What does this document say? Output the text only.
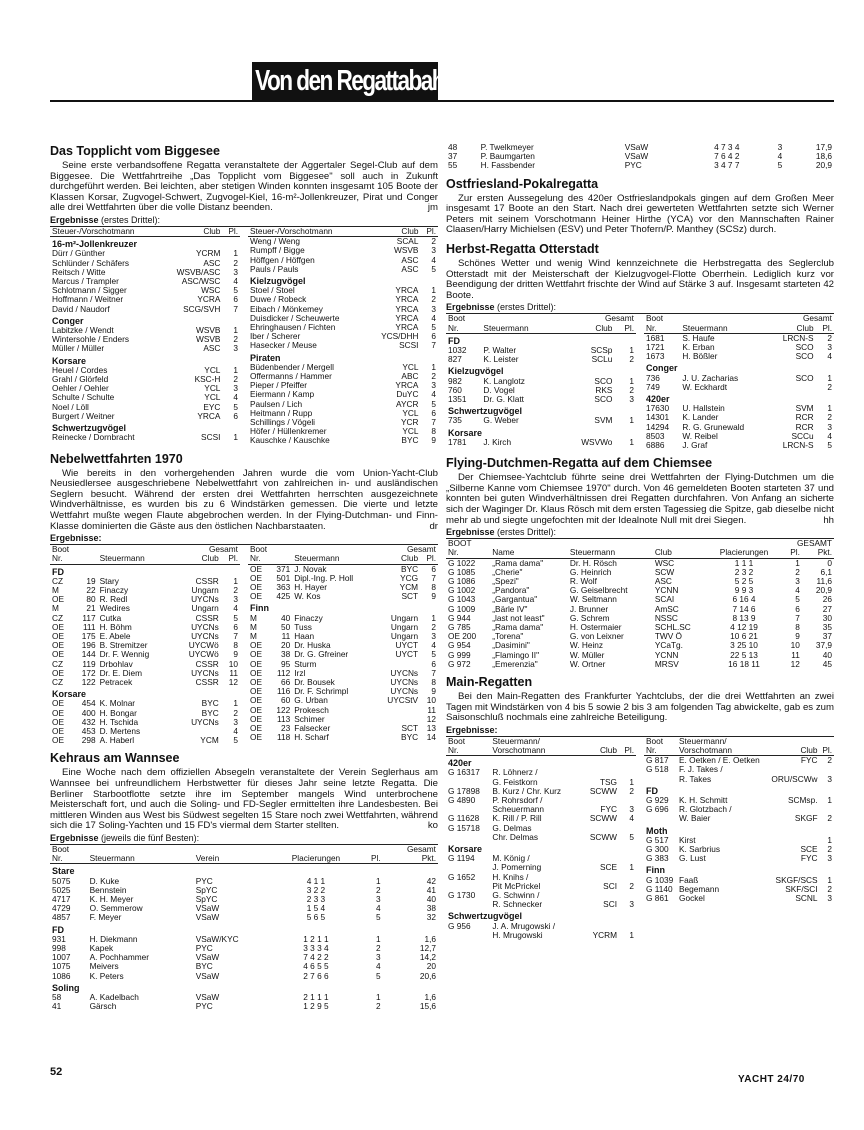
Von den Regattabahnen
Das Topplicht vom Biggesee

Seine erste verbandsoffene Regatta veranstaltete der Aggertaler Segel-Club auf dem Biggesee. Die Wettfahrtreihe „Das Topplicht vom Biggesee" soll auch in Zukunft durchgeführt werden. Bei leichten, aber stetigen Winden konnten insgesamt 105 Boote der Klassen Korsar, Zugvogel-Schwert, Zugvogel-Kiel, 16-m²-Jollenkreuzer, Pirat und Conger alle drei Wettfahrten über die volle Distanz beenden.	jm

Ergebnisse (erstes Drittel):
Steuer-/Vorschotmann	Club	Pl.
16-m²-Jollenkreuzer		
Dürr / Günther	YCRM	1
Schlünder / Schäfers	ASC	2
Reitsch / Witte	WSVB/ASC	3
Marcus / Trampler	ASC/WSC	4
Schlotmann / Sigger	WSC	5
Hoffmann / Weitner	YCRA	6
David / Naudorf	SCG/SVH	7
Conger		
Labitzke / Wendt	WSVB	1
Wintersohle / Enders	WSVB	2
Müller / Müller	ASC	3
Korsare		
Heuel / Cordes	YCL	1
Grahl / Glörfeld	KSC-H	2
Oehler / Oehler	YCL	3
Schulte / Schulte	YCL	4
Noel / Löll	EYC	5
Burgert / Weitner	YRCA	6
Schwertzugvögel		
Reinecke / Dornbracht	SCSI	1
Steuer-/Vorschotmann	Club	Pl.
Weng / Weng	SCAL	2
Rumpff / Bigge	WSVB	3
Höffgen / Höffgen	ASC	4
Pauls / Pauls	ASC	5
Kielzugvögel		
Stoel / Stoel	YRCA	1
Duwe / Robeck	YRCA	2
Eibach / Mönkemey	YRCA	3
Duisdicker / Scheuwerte	YRCA	4
Ehringhausen / Fichten	YRCA	5
Iber / Scherer	YCS/DHH	6
Hasecker / Meuse	SCSI	7
Piraten		
Büdenbender / Mergell	YCL	1
Offermanns / Hammer	ABC	2
Pieper / Pfeiffer	YRCA	3
Eiermann / Kamp	DuYC	4
Paulsen / Lich	AYCR	5
Heitmann / Rupp	YCL	6
Schillings / Vögeli	YCR	7
Höfer / Hüllenkremer	YCL	8
Kauschke / Kauschke	BYC	9
Nebelwettfahrten 1970

Wie bereits in den vorhergehenden Jahren wurde die vom Union-Yacht-Club Neusiedlersee ausgeschriebene Nebelwettfahrt von zahlreichen in- und ausländischen Seglern besucht. Während der ersten drei Wettfahrten herrschten ausgezeichnete Windverhältnisse, es wurden bis zu 6 Windstärken gemessen. Die vierte und letzte Wettfahrt mußte wegen Flaute abgebrochen werden. In der Flying-Dutchman- und Finn-Klasse dominierten die Gäste aus den östlichen Nachbarstaaten.	dr

Ergebnisse:
Boot			Gesamt	
Nr.		Steuermann	Club	Pl.
FD				
CZ	19	Stary	CSSR	1
M	22	Finaczy	Ungarn	2
OE	80	R. Redl	UYCNs	3
M	21	Wedires	Ungarn	4
CZ	117	Cutka	CSSR	5
OE	111	H. Böhm	UYCNs	6
OE	175	E. Abele	UYCNs	7
OE	196	B. Stremitzer	UYCWö	8
OE	144	Dr. F. Wennig	UYCWö	9
CZ	119	Drbohlav	CSSR	10
OE	172	Dr. E. Diem	UYCNs	11
CZ	122	Petracek	CSSR	12
Korsare				
OE	454	K. Molnar	BYC	1
OE	400	H. Bongar	BYC	2
OE	432	H. Tschida	UYCNs	3
OE	453	D. Mertens		4
OE	298	A. Haberl	YCM	5
Boot			Gesamt	
Nr.		Steuermann	Club	Pl.
OE	371	J. Novak	BYC	6
OE	501	Dipl.-Ing. P. Holl	YCG	7
OE	363	H. Hayer	YCM	8
OE	425	W. Kos	SCT	9
Finn				
M	40	Finaczy	Ungarn	1
M	50	Tuss	Ungarn	2
M	11	Haan	Ungarn	3
OE	20	Dr. Huska	UYCT	4
OE	38	Dr. G. Gfreiner	UYCT	5
OE	95	Sturm		6
OE	112	Irzl	UYCNs	7
OE	66	Dr. Bousek	UYCNs	8
OE	116	Dr. F. Schrimpl	UYCNs	9
OE	60	G. Urban	UYCStV	10
OE	122	Prokesch		11
OE	113	Schimer		12
OE	23	Falsecker	SCT	13
OE	118	H. Scharf	BYC	14
Kehraus am Wannsee

Eine Woche nach dem offiziellen Absegeln veranstaltete der Verein Seglerhaus am Wannsee bei unfreundlichem Herbstwetter für dieses Jahr seine letzte Regatta. Die Berliner Starbootflotte setzte ihre im September mangels Wind unterbrochene Meisterschaft fort, und auch die Soling- und FD-Segler ermittelten ihre Landesbesten. Bei mittleren Winden aus West bis Südwest segelten 15 Stare noch zwei Wettfahrten, während sich die 17 Soling-Yachten und 15 FD's viermal dem Starter stellten.	ko

Ergebnisse (jeweils die fünf Besten):
Boot					Gesamt
Nr.	Steuermann	Verein	Placierungen	Pl.	Pkt.
Stare					
5075	D. Kuke	PYC	4 1 1	1	42
5025	Bennstein	SpYC	3 2 2	2	41
4717	K. H. Meyer	SpYC	2 3 3	3	40
4729	O. Semmerow	VSaW	1 5 4	4	38
4857	F. Meyer	VSaW	5 6 5	5	32
FD					
931	H. Diekmann	VSaW/KYC	1 2 1 1	1	1,6
998	Kapek	PYC	3 3 3 4	2	12,7
1007	A. Pochhammer	VSaW	7 4 2 2	3	14,2
1075	Meivers	BYC	4 6 5 5	4	20
1086	K. Peters	VSaW	2 7 6 6	5	20,6
Soling					
58	A. Kadelbach	VSaW	2 1 1 1	1	1,6
41	Gärsch	PYC	1 2 9 5	2	15,6
48	P. Twelkmeyer	VSaW	4 7 3 4	3	17,9
37	P. Baumgarten	VSaW	7 6 4 2	4	18,6
55	H. Fassbender	PYC	3 4 7 7	5	20,9
Ostfriesland-Pokalregatta

Zur ersten Aussegelung des 420er Ostfrieslandpokals gingen auf dem Großen Meer insgesamt 17 Boote an den Start. Nach drei gewerteten Wettfahrten setzte sich Werner Peters mit seinem Vorschotmann Heiner Hirthe (YCA) vor den Mannschaften Rainer Claasen/Harry Michielsen (ESV) und Peter Thofern/P. Manthey (SCSz) durch.

Herbst-Regatta Otterstadt

Schönes Wetter und wenig Wind kennzeichnete die Herbstregatta des Seglerclub Otterstadt mit der Meisterschaft der Kielzugvogel-Flotte Oberrhein. Lediglich kurz vor Beendigung der dritten Wettfahrt frischte der Wind auf Stärke 3 auf. Insgesamt starteten 42 Boote.

Ergebnisse (erstes Drittel):
Boot		Gesamt	
Nr.	Steuermann	Club	Pl.
FD			
1032	P. Walter	SCSp	1
827	K. Leister	SCLu	2
Kielzugvögel			
982	K. Langlotz	SCO	1
760	D. Vogel	RKS	2
1351	Dr. G. Klatt	SCO	3
Schwertzugvögel			
735	G. Weber	SVM	1
Korsare			
1781	J. Kirch	WSVWo	1
Boot		Gesamt	
Nr.	Steuermann	Club	Pl.
1681	S. Haufe	LRCN-S	2
1721	K. Erban	SCO	3
1673	H. Bößler	SCO	4
Conger			
736	J. U. Zacharias	SCO	1
749	W. Eckhardt		2
420er			
17630	U. Hallstein	SVM	1
14301	K. Lander	RCR	2
14294	R. G. Grunewald	RCR	3
8503	W. Reibel	SCCu	4
6886	J. Graf	LRCN-S	5
Flying-Dutchmen-Regatta auf dem Chiemsee

Der Chiemsee-Yachtclub führte seine drei Wettfahrten der Flying-Dutchmen um die „Silberne Kanne vom Chiemsee 1970" durch. Von 46 gemeldeten Booten starteten 37 und konnten bei guten Windverhältnissen drei Regatten durchfahren. Von Anfang an sicherte sich der Waginger Dr. Klaus Rösch mit dem ersten Tagessieg die Spitze, gab dieselbe nicht mehr ab und siegte ungefochten mit der Idealnote Null mit drei Siegen.	hh

Ergebnisse (erstes Drittel):
BOOT					GESAMT	
Nr.	Name	Steuermann	Club	Placierungen	Pl.	Pkt.
G 1022	„Rama dama"	Dr. H. Rösch	WSC	1 1 1	1	0
G 1085	„Cherie"	G. Heinrich	SCW	2 3 2	2	6,1
G 1086	„Spezi"	R. Wolf	ASC	5 2 5	3	11,6
G 1002	„Pandora"	G. Geiselbrecht	YCNN	9 9 3	4	20,9
G 1043	„Gargantua"	W. Seltmann	SCAI	6 16 4	5	26
G 1009	„Bärle IV"	J. Brunner	AmSC	7 14 6	6	27
G 944	„last not least"	G. Schrem	NSSC	8 13 9	7	30
G 785	„Rama dama"	H. Ostermaier	SCHL.SC	4 12 19	8	35
OE 200	„Torena"	G. von Leixner	TWV Ö	10 6 21	9	37
G 954	„Dasimini"	W. Heinz	YCaTg.	3 25 10	10	37,9
G 999	„Flamingo II"	W. Müller	YCNN	22 5 13	11	40
G 972	„Emerenzia"	W. Ortner	MRSV	16 18 11	12	45
Main-Regatten

Bei den Main-Regatten des Frankfurter Yachtclubs, der die drei Wettfahrten an zwei Tagen mit Windstärken von 4 bis 5 sowie 2 bis 3 am folgenden Tag abwickelte, gab es zum Saisonschluß nochmals eine zahlreiche Beteiligung.

Ergebnisse:
Boot	Steuermann/		
Nr.	Vorschotmann	Club	Pl.
420er			
G 16317	R. Löhnerz /		
	G. Feistkorn	TSG	1
G 17898	B. Kurz / Chr. Kurz	SCWW	2
G 4890	P. Rohrsdorf /		
	Scheuermann	FYC	3
G 11628	K. Rill / P. Rill	SCWW	4
G 15718	G. Delmas		
	Chr. Delmas	SCWW	5
Korsare			
G 1194	M. König /		
	J. Pomerning	SCE	1
G 1652	H. Knihs /		
	Pit McPrickel	SCI	2
G 1730	G. Schwinn /		
	R. Schnecker	SCI	3
Schwertzugvögel			
G 956	J. A. Mrugowski /		
	H. Mrugowski	YCRM	1
Boot	Steuermann/		
Nr.	Vorschotmann	Club	Pl.
G 817	E. Oetken / E. Oetken	FYC	2
G 518	F. J. Takes /		
	R. Takes	ORU/SCWw	3
FD			
G 929	K. H. Schmitt	SCMsp.	1
G 696	R. Glotzbach /		
	W. Baier	SKGF	2
Moth			
G 517	Kirst		1
G 300	K. Sarbrius	SCE	2
G 383	G. Lust	FYC	3
Finn			
G 1039	Faaß	SKGF/SCS	1
G 1140	Begemann	SKF/SCI	2
G 861	Gockel	SCNL	3
52
YACHT 24/70
